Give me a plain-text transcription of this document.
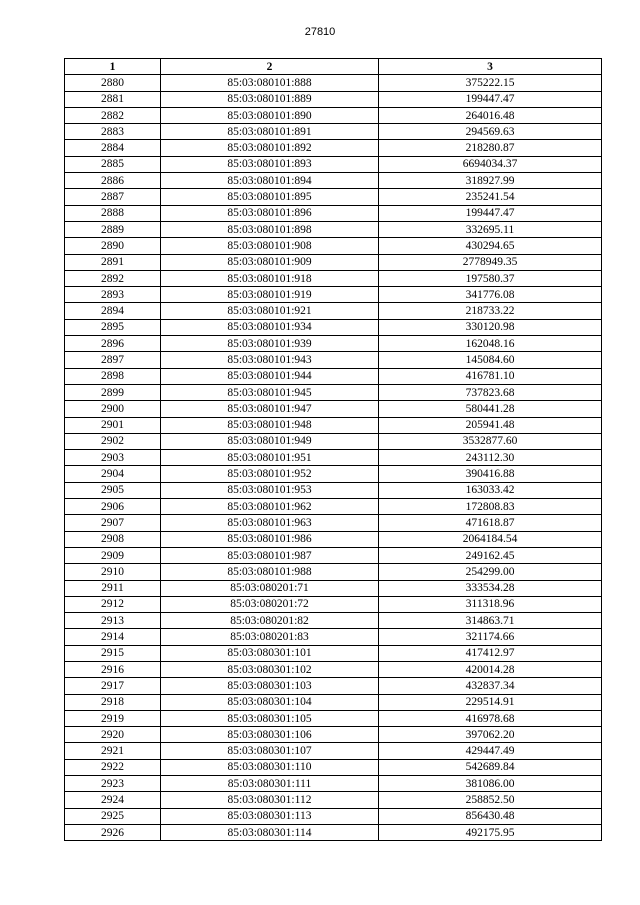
27810
1	2	3
2880	85:03:080101:888	375222.15
2881	85:03:080101:889	199447.47
2882	85:03:080101:890	264016.48
2883	85:03:080101:891	294569.63
2884	85:03:080101:892	218280.87
2885	85:03:080101:893	6694034.37
2886	85:03:080101:894	318927.99
2887	85:03:080101:895	235241.54
2888	85:03:080101:896	199447.47
2889	85:03:080101:898	332695.11
2890	85:03:080101:908	430294.65
2891	85:03:080101:909	2778949.35
2892	85:03:080101:918	197580.37
2893	85:03:080101:919	341776.08
2894	85:03:080101:921	218733.22
2895	85:03:080101:934	330120.98
2896	85:03:080101:939	162048.16
2897	85:03:080101:943	145084.60
2898	85:03:080101:944	416781.10
2899	85:03:080101:945	737823.68
2900	85:03:080101:947	580441.28
2901	85:03:080101:948	205941.48
2902	85:03:080101:949	3532877.60
2903	85:03:080101:951	243112.30
2904	85:03:080101:952	390416.88
2905	85:03:080101:953	163033.42
2906	85:03:080101:962	172808.83
2907	85:03:080101:963	471618.87
2908	85:03:080101:986	2064184.54
2909	85:03:080101:987	249162.45
2910	85:03:080101:988	254299.00
2911	85:03:080201:71	333534.28
2912	85:03:080201:72	311318.96
2913	85:03:080201:82	314863.71
2914	85:03:080201:83	321174.66
2915	85:03:080301:101	417412.97
2916	85:03:080301:102	420014.28
2917	85:03:080301:103	432837.34
2918	85:03:080301:104	229514.91
2919	85:03:080301:105	416978.68
2920	85:03:080301:106	397062.20
2921	85:03:080301:107	429447.49
2922	85:03:080301:110	542689.84
2923	85:03:080301:111	381086.00
2924	85:03:080301:112	258852.50
2925	85:03:080301:113	856430.48
2926	85:03:080301:114	492175.95
